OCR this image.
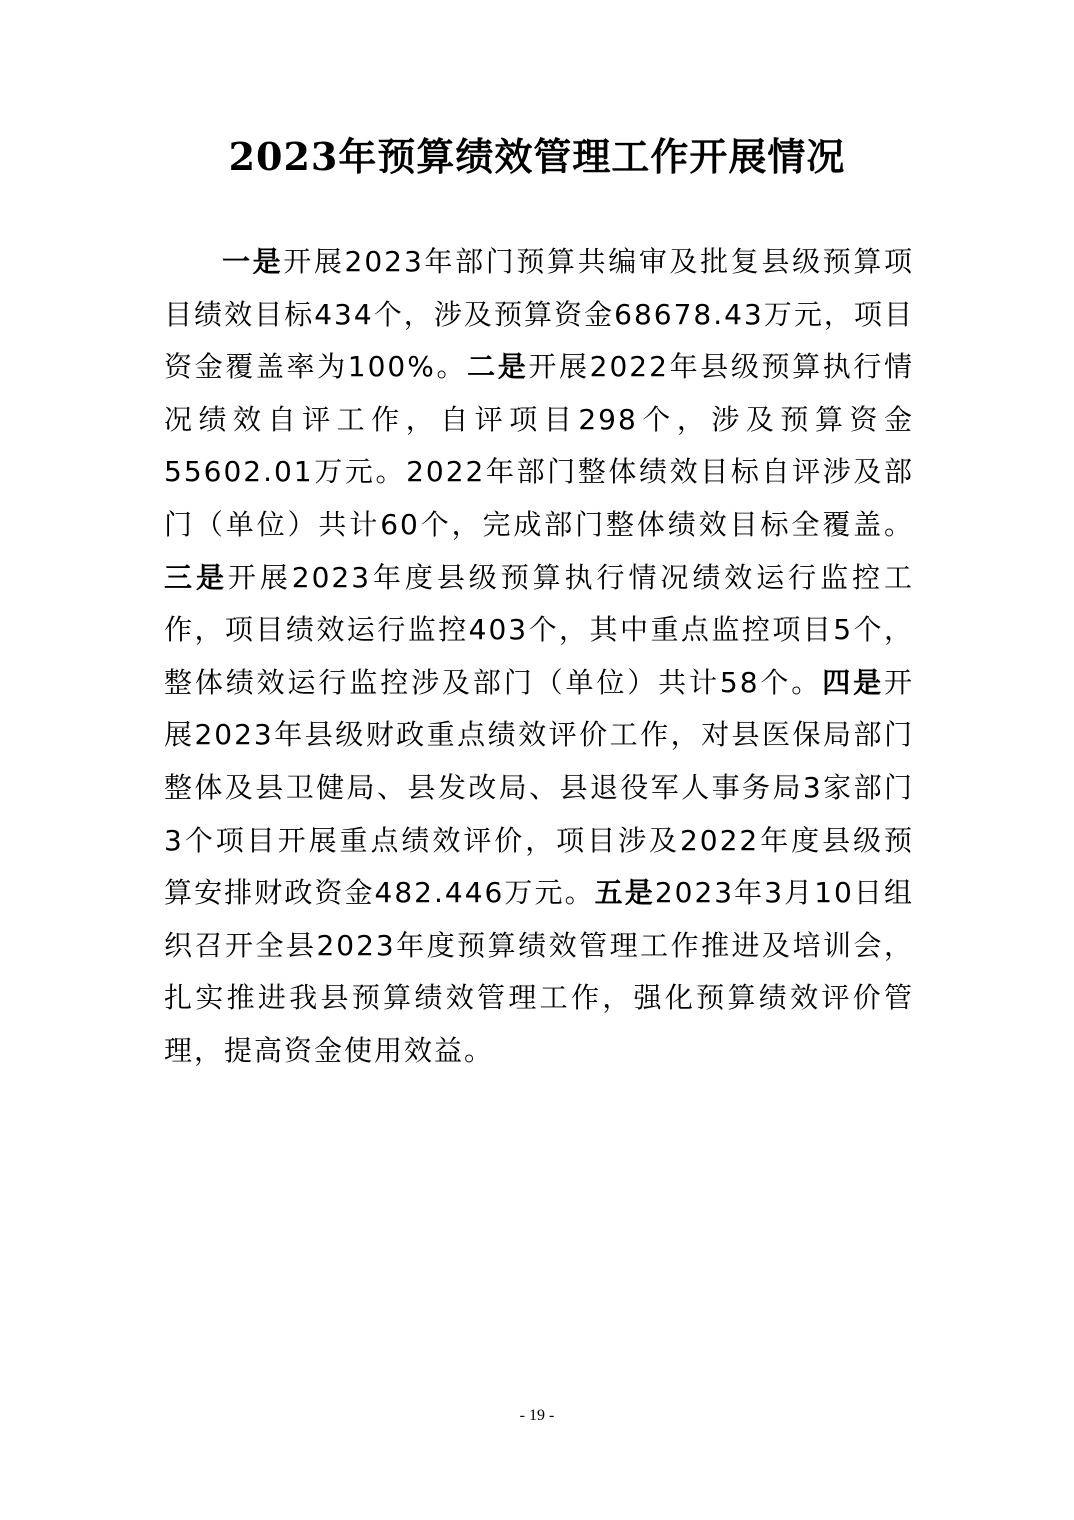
2023年预算绩效管理工作开展情况

一是开展2023年部门预算共编审及批复县级预算项目绩效目标434个，涉及预算资金68678.43万元，项目资金覆盖率为100%。二是开展2022年县级预算执行情况绩效自评工作，自评项目298个，涉及预算资金55602.01万元。2022年部门整体绩效目标自评涉及部门（单位）共计60个，完成部门整体绩效目标全覆盖。三是开展2023年度县级预算执行情况绩效运行监控工作，项目绩效运行监控403个，其中重点监控项目5个，整体绩效运行监控涉及部门（单位）共计58个。四是开展2023年县级财政重点绩效评价工作，对县医保局部门整体及县卫健局、县发改局、县退役军人事务局3家部门3个项目开展重点绩效评价，项目涉及2022年度县级预算安排财政资金482.446万元。五是2023年3月10日组织召开全县2023年度预算绩效管理工作推进及培训会，扎实推进我县预算绩效管理工作，强化预算绩效评价管理，提高资金使用效益。

- 19 -
